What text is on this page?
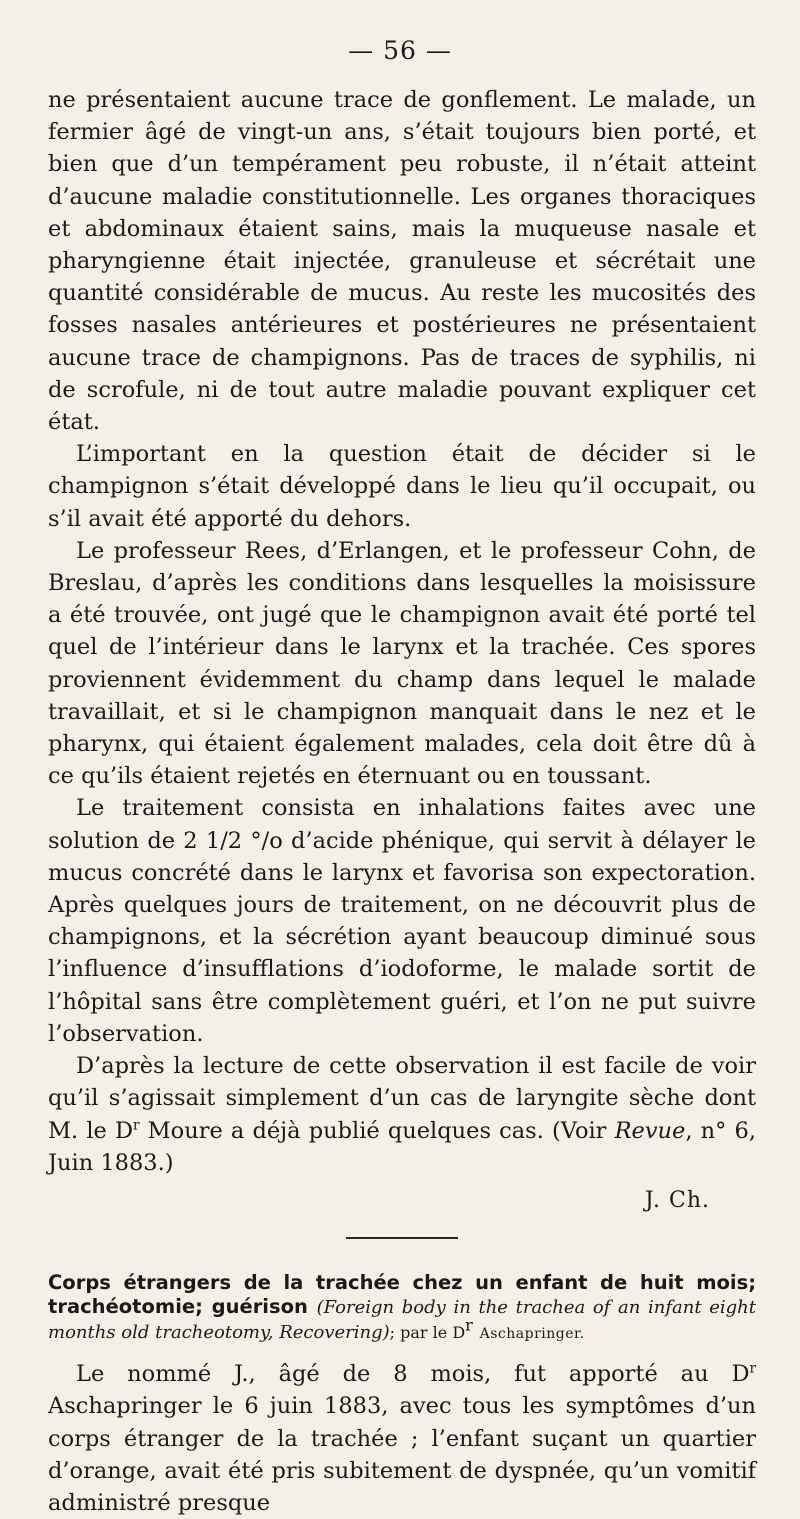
— 56 —

ne présentaient aucune trace de gonflement. Le malade, un fermier âgé de vingt-un ans, s’était toujours bien porté, et bien que d’un tempérament peu robuste, il n’était atteint d’aucune maladie constitutionnelle. Les organes thoraciques et abdominaux étaient sains, mais la muqueuse nasale et pharyngienne était injectée, granuleuse et sécrétait une quantité considérable de mucus. Au reste les mucosités des fosses nasales antérieures et postérieures ne présentaient aucune trace de champignons. Pas de traces de syphilis, ni de scrofule, ni de tout autre maladie pouvant expliquer cet état.

L’important en la question était de décider si le champignon s’était développé dans le lieu qu’il occupait, ou s’il avait été apporté du dehors.

Le professeur Rees, d’Erlangen, et le professeur Cohn, de Breslau, d’après les conditions dans lesquelles la moisissure a été trouvée, ont jugé que le champignon avait été porté tel quel de l’intérieur dans le larynx et la trachée. Ces spores proviennent évidemment du champ dans lequel le malade travaillait, et si le champignon manquait dans le nez et le pharynx, qui étaient également malades, cela doit être dû à ce qu’ils étaient rejetés en éternuant ou en toussant.

Le traitement consista en inhalations faites avec une solution de 2 1/2 °/o d’acide phénique, qui servit à délayer le mucus concrété dans le larynx et favorisa son expectoration. Après quelques jours de traitement, on ne découvrit plus de champignons, et la sécrétion ayant beaucoup diminué sous l’influence d’insufflations d’iodoforme, le malade sortit de l’hôpital sans être complètement guéri, et l’on ne put suivre l’observation.

D’après la lecture de cette observation il est facile de voir qu’il s’agissait simplement d’un cas de laryngite sèche dont M. le $D^r$ Moure a déjà publié quelques cas. (Voir Revue, n° 6, Juin 1883.)

J. Ch.
Corps étrangers de la trachée chez un enfant de huit mois; trachéotomie; guérison (Foreign body in the trachea of an infant eight months old tracheotomy, Recovering); par le $D^r$ Aschapringer.

Le nommé J., âgé de 8 mois, fut apporté au $D^r$ Aschapringer le 6 juin 1883, avec tous les symptômes d’un corps étranger de la trachée ; l’enfant suçant un quartier d’orange, avait été pris subitement de dyspnée, qu’un vomitif administré presque
